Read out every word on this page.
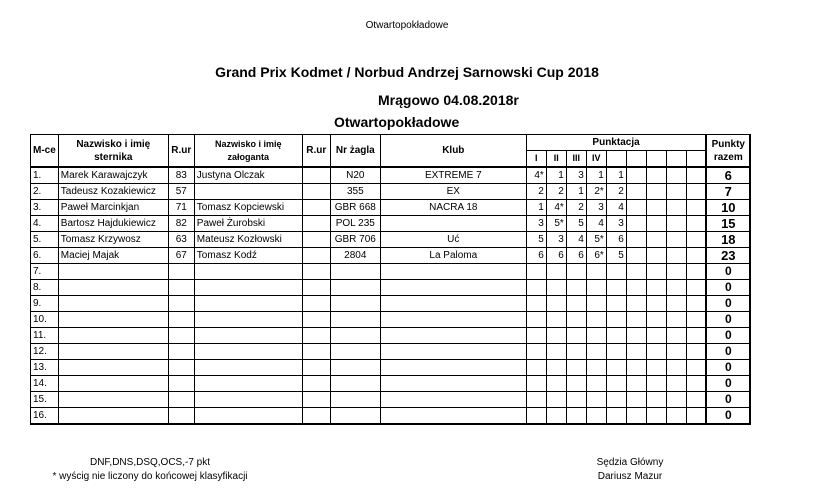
Otwartopokładowe
Grand Prix Kodmet / Norbud Andrzej Sarnowski Cup 2018
Mrągowo 04.08.2018r
Otwartopokładowe
M-ce	Nazwisko i imię sternika	R.ur	Nazwisko i imię załoganta	R.ur	Nr żagla	Klub	Punktacja									Punkty razem
							I	II	III	IV						
1.	Marek Karawajczyk	83	Justyna Olczak		N20	EXTREME 7	4*	1	3	1	1					6
2.	Tadeusz Kozakiewicz	57			355	EX	2	2	1	2*	2					7
3.	Paweł Marcinkjan	71	Tomasz Kopciewski		GBR 668	NACRA 18	1	4*	2	3	4					10
4.	Bartosz Hajdukiewicz	82	Paweł Żurobski		POL 235		3	5*	5	4	3					15
5.	Tomasz Krzywosz	63	Mateusz Kozłowski		GBR 706	Uć	5	3	4	5*	6					18
6.	Maciej Majak	67	Tomasz Kodź		2804	La Paloma	6	6	6	6*	5					23
7.																0
8.																0
9.																0
10.																0
11.																0
12.																0
13.																0
14.																0
15.																0
16.																0
DNF,DNS,DSQ,OCS,-7 pkt
* wyścig nie liczony do końcowej klasyfikacji
Sędzia Główny
Dariusz Mazur
